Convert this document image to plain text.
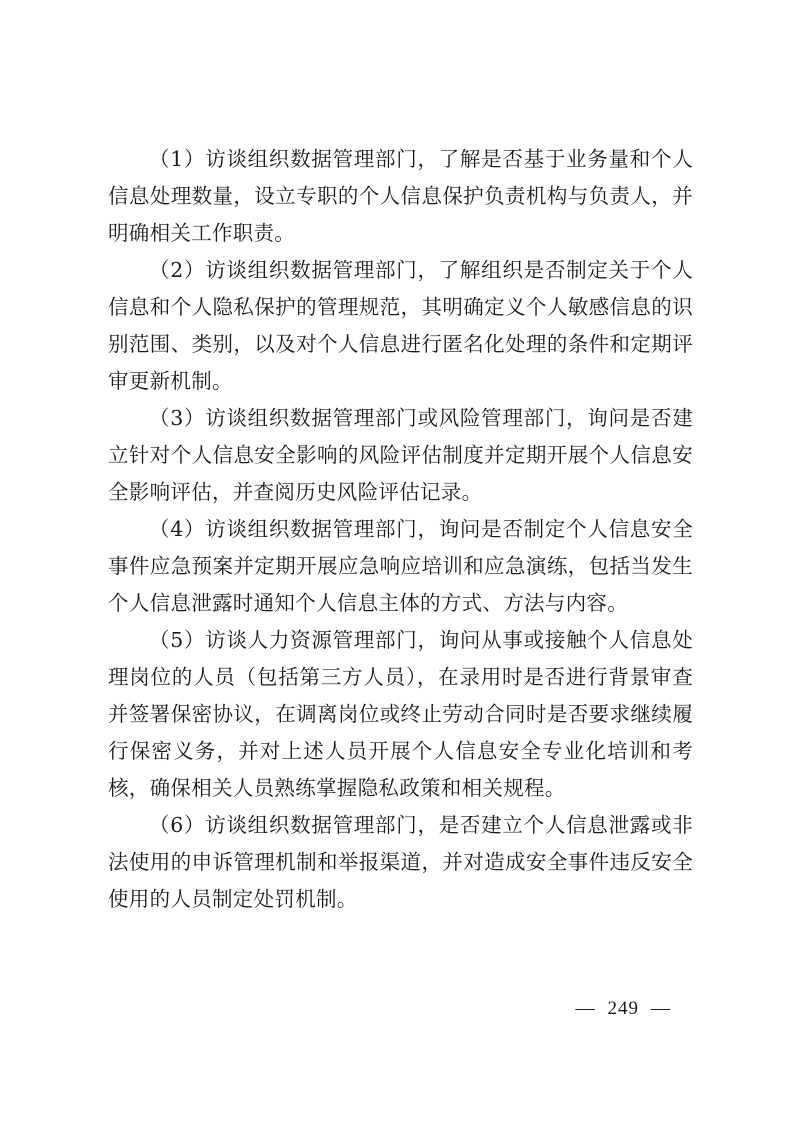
（1）访谈组织数据管理部门，了解是否基于业务量和个人信息处理数量，设立专职的个人信息保护负责机构与负责人，并明确相关工作职责。

（2）访谈组织数据管理部门，了解组织是否制定关于个人信息和个人隐私保护的管理规范，其明确定义个人敏感信息的识别范围、类别，以及对个人信息进行匿名化处理的条件和定期评审更新机制。

（3）访谈组织数据管理部门或风险管理部门，询问是否建立针对个人信息安全影响的风险评估制度并定期开展个人信息安全影响评估，并查阅历史风险评估记录。

（4）访谈组织数据管理部门，询问是否制定个人信息安全事件应急预案并定期开展应急响应培训和应急演练，包括当发生个人信息泄露时通知个人信息主体的方式、方法与内容。

（5）访谈人力资源管理部门，询问从事或接触个人信息处理岗位的人员（包括第三方人员），在录用时是否进行背景审查并签署保密协议，在调离岗位或终止劳动合同时是否要求继续履行保密义务，并对上述人员开展个人信息安全专业化培训和考核，确保相关人员熟练掌握隐私政策和相关规程。

（6）访谈组织数据管理部门，是否建立个人信息泄露或非法使用的申诉管理机制和举报渠道，并对造成安全事件违反安全使用的人员制定处罚机制。

— 249 —
